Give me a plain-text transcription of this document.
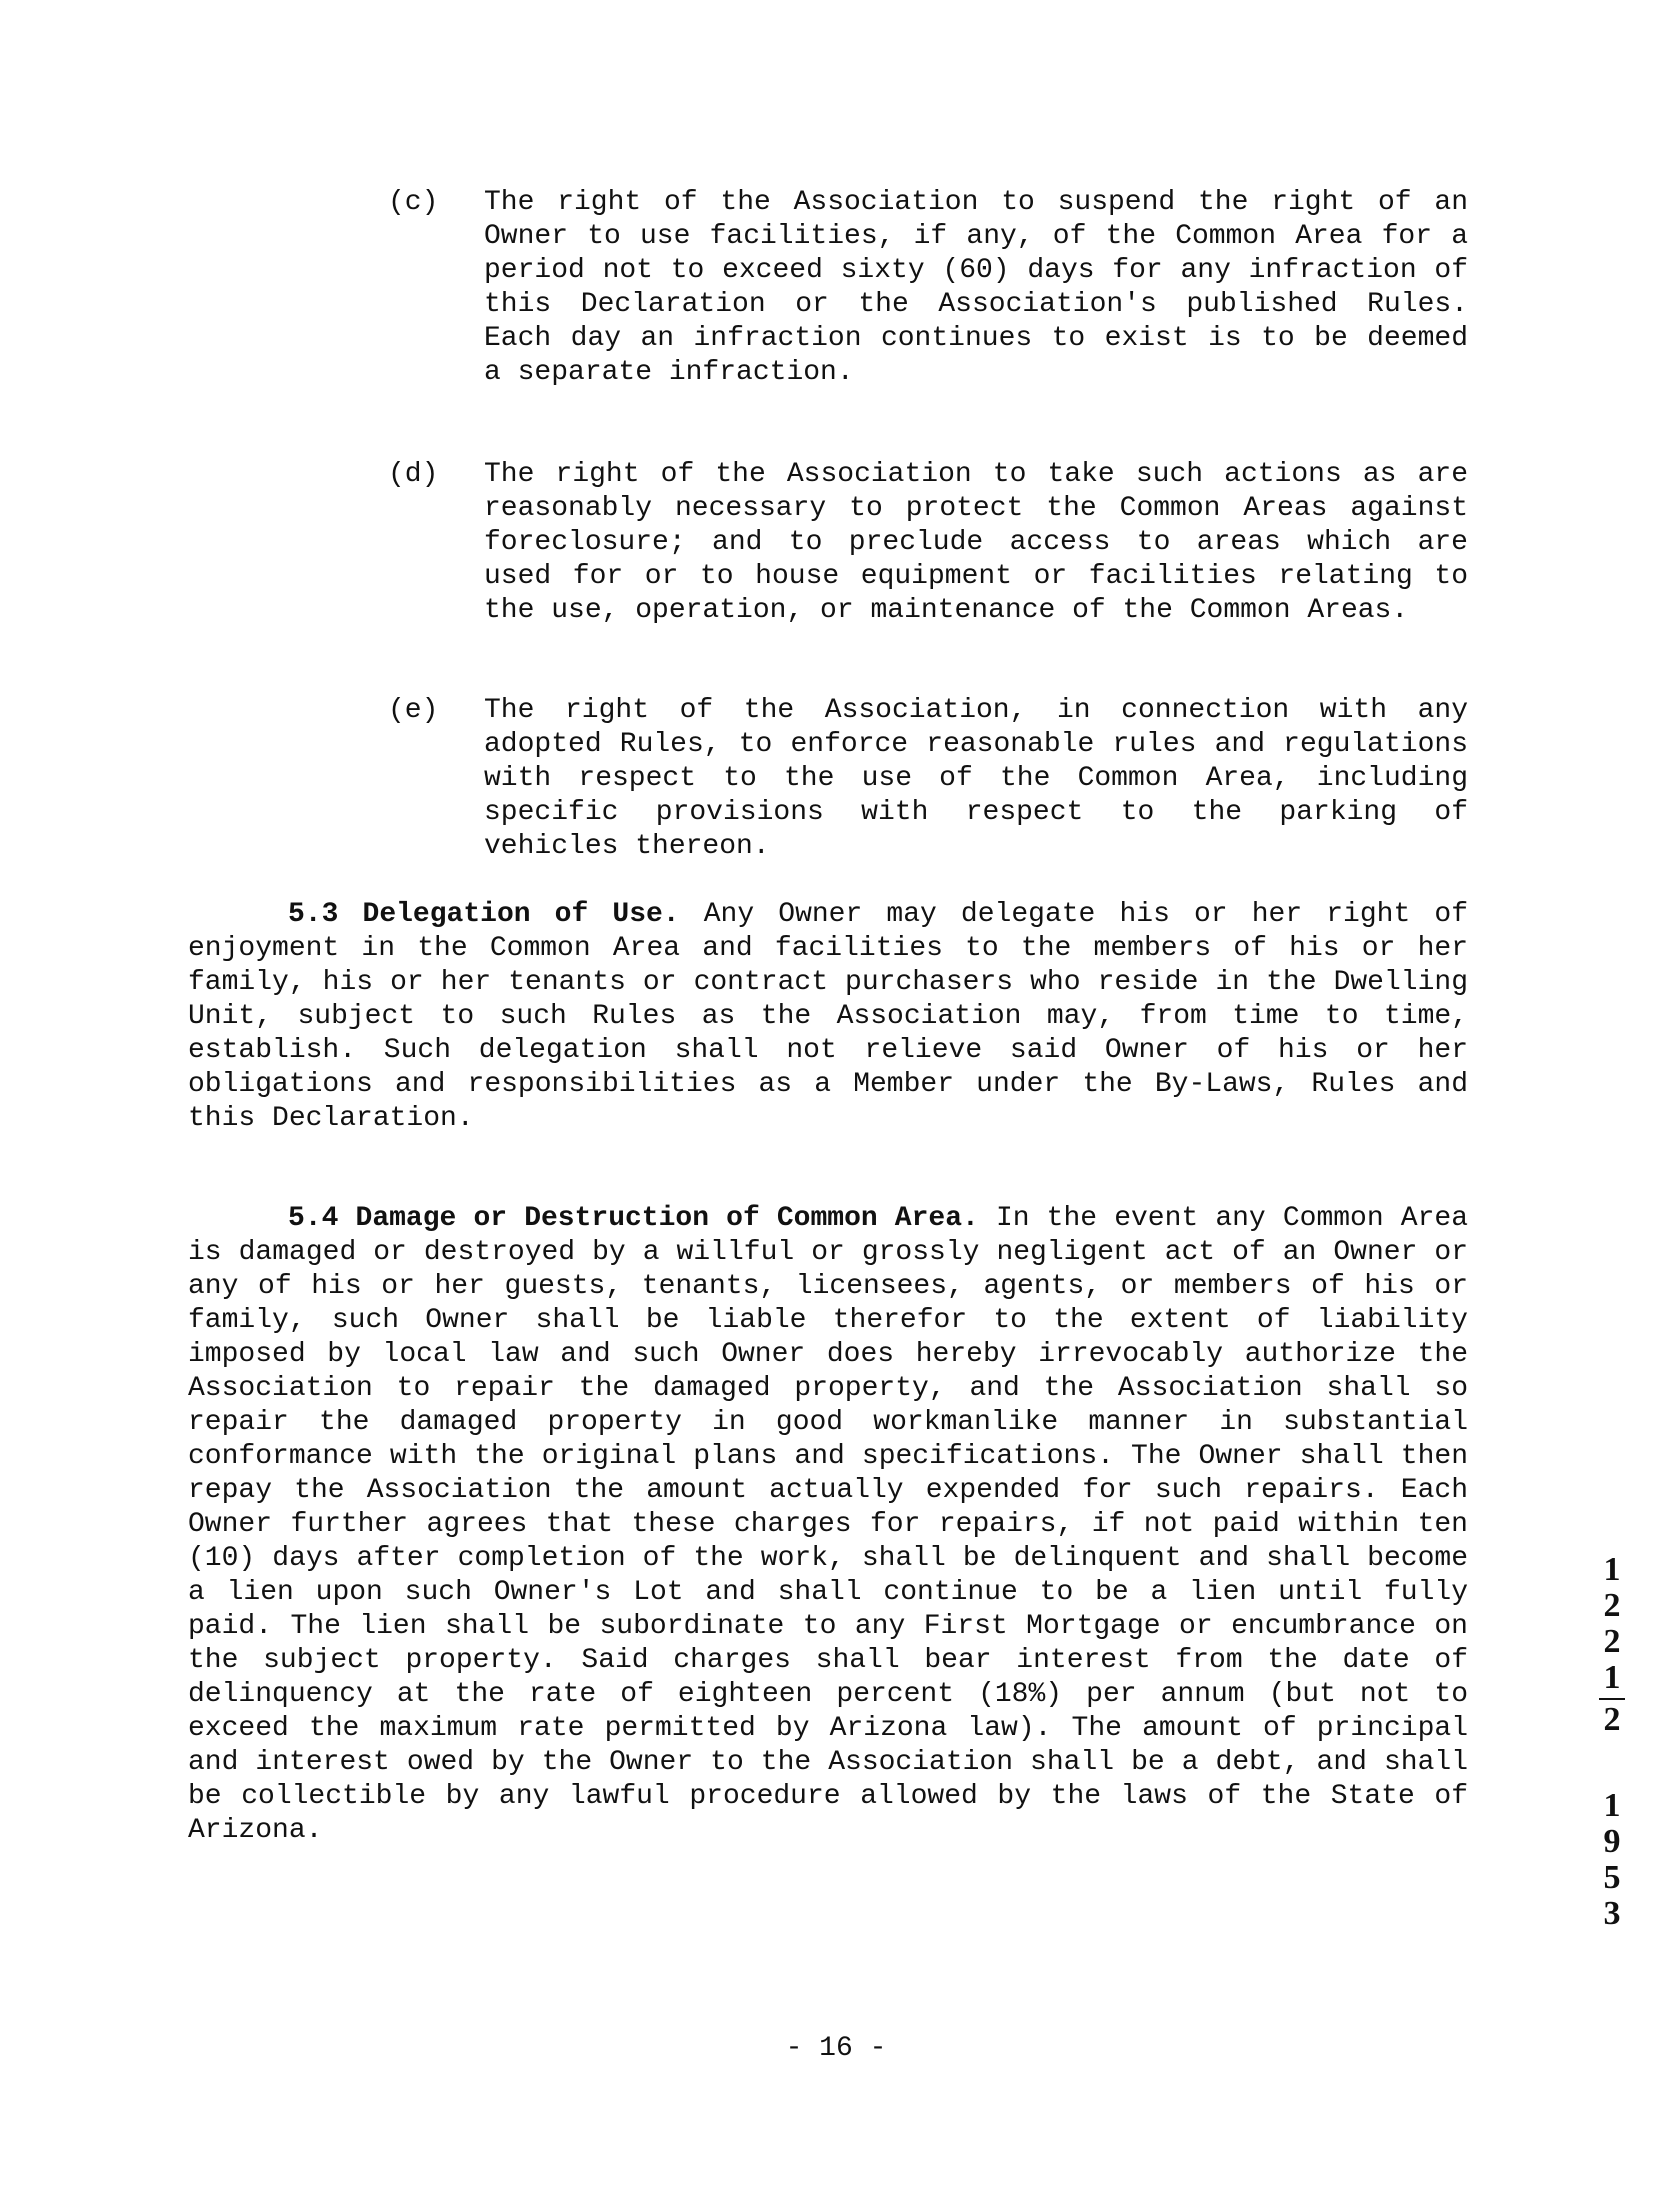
(c) The right of the Association to suspend the right of an Owner to use facilities, if any, of the Common Area for a period not to exceed sixty (60) days for any infraction of this Declaration or the Association's published Rules. Each day an infraction continues to exist is to be deemed a separate infraction.
(d) The right of the Association to take such actions as are reasonably necessary to protect the Common Areas against foreclosure; and to preclude access to areas which are used for or to house equipment or facilities relating to the use, operation, or maintenance of the Common Areas.
(e) The right of the Association, in connection with any adopted Rules, to enforce reasonable rules and regulations with respect to the use of the Common Area, including specific provisions with respect to the parking of vehicles thereon.
5.3 Delegation of Use. Any Owner may delegate his or her right of enjoyment in the Common Area and facilities to the members of his or her family, his or her tenants or contract purchasers who reside in the Dwelling Unit, subject to such Rules as the Association may, from time to time, establish. Such delegation shall not relieve said Owner of his or her obligations and responsibilities as a Member under the By-Laws, Rules and this Declaration.
5.4 Damage or Destruction of Common Area. In the event any Common Area is damaged or destroyed by a willful or grossly negligent act of an Owner or any of his or her guests, tenants, licensees, agents, or members of his or family, such Owner shall be liable therefor to the extent of liability imposed by local law and such Owner does hereby irrevocably authorize the Association to repair the damaged property, and the Association shall so repair the damaged property in good workmanlike manner in substantial conformance with the original plans and specifications. The Owner shall then repay the Association the amount actually expended for such repairs. Each Owner further agrees that these charges for repairs, if not paid within ten (10) days after completion of the work, shall be delinquent and shall become a lien upon such Owner's Lot and shall continue to be a lien until fully paid. The lien shall be subordinate to any First Mortgage or encumbrance on the subject property. Said charges shall bear interest from the date of delinquency at the rate of eighteen percent (18%) per annum (but not to exceed the maximum rate permitted by Arizona law). The amount of principal and interest owed by the Owner to the Association shall be a debt, and shall be collectible by any lawful procedure allowed by the laws of the State of Arizona.
- 16 -
1
2
2
1
2
1
9
5
3
